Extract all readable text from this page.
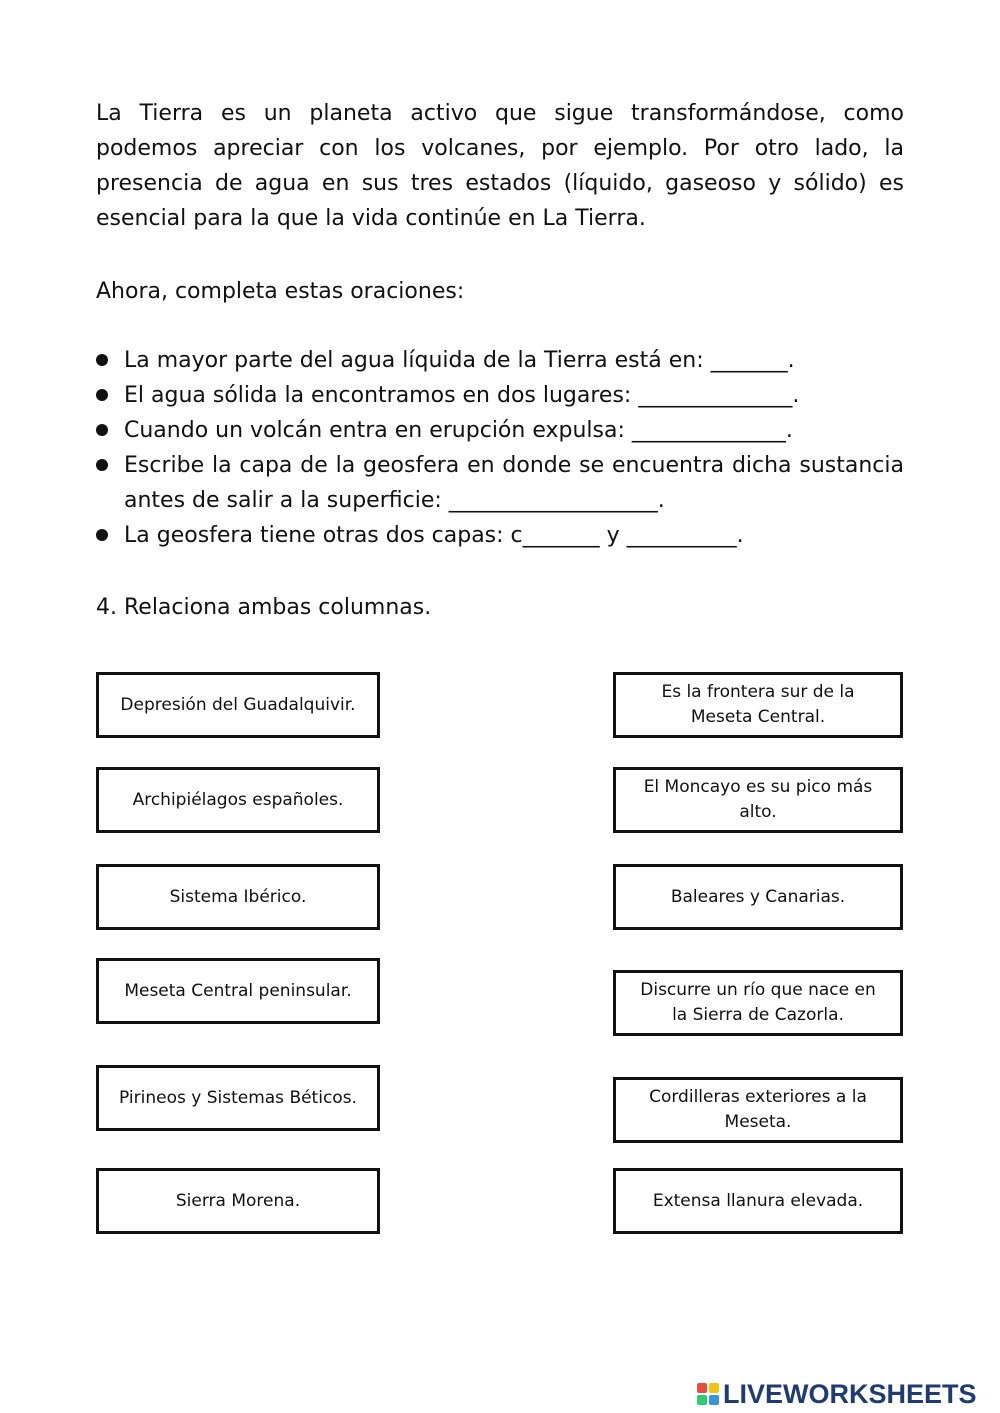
La Tierra es un planeta activo que sigue transformándose, como podemos apreciar con los volcanes, por ejemplo. Por otro lado, la presencia de agua en sus tres estados (líquido, gaseoso y sólido) es esencial para la que la vida continúe en La Tierra.

Ahora, completa estas oraciones:

La mayor parte del agua líquida de la Tierra está en: _______.
El agua sólida la encontramos en dos lugares: ______________.
Cuando un volcán entra en erupción expulsa: ______________.
Escribe la capa de la geosfera en donde se encuentra dicha sustancia antes de salir a la superficie: ___________________.
La geosfera tiene otras dos capas: c_______ y __________.

4. Relaciona ambas columnas.

Depresión del Guadalquivir.
Archipiélagos españoles.
Sistema Ibérico.
Meseta Central peninsular.
Pirineos y Sistemas Béticos.
Sierra Morena.
Es la frontera sur de la Meseta Central.
El Moncayo es su pico más alto.
Baleares y Canarias.
Discurre un río que nace en la Sierra de Cazorla.
Cordilleras exteriores a la Meseta.
Extensa llanura elevada.
LIVEWORKSHEETS
